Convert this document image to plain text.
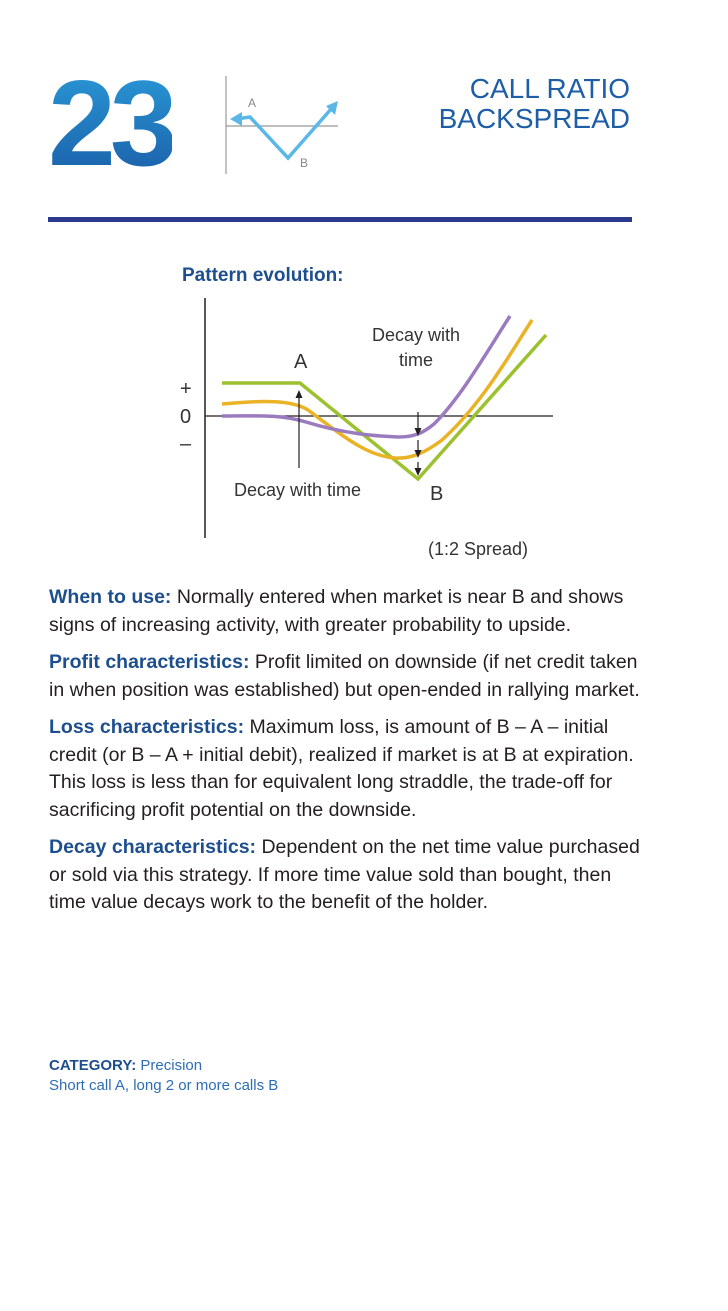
23	A
B
CALL RATIO
BACKSPREAD
Pattern evolution:
+
0
–
A
B
Decay with
time
Decay with time
(1:2 Spread)

When to use: Normally entered when market is near B and shows signs of increasing activity, with greater probability to upside.

Profit characteristics: Profit limited on downside (if net credit taken in when position was established) but open-ended in rallying market.

Loss characteristics: Maximum loss, is amount of B – A – initial credit (or B – A + initial debit), realized if market is at B at expiration. This loss is less than for equivalent long straddle, the trade-off for sacrificing profit potential on the downside.

Decay characteristics: Dependent on the net time value purchased or sold via this strategy. If more time value sold than bought, then time value decays work to the benefit of the holder.

CATEGORY: Precision
Short call A, long 2 or more calls B
